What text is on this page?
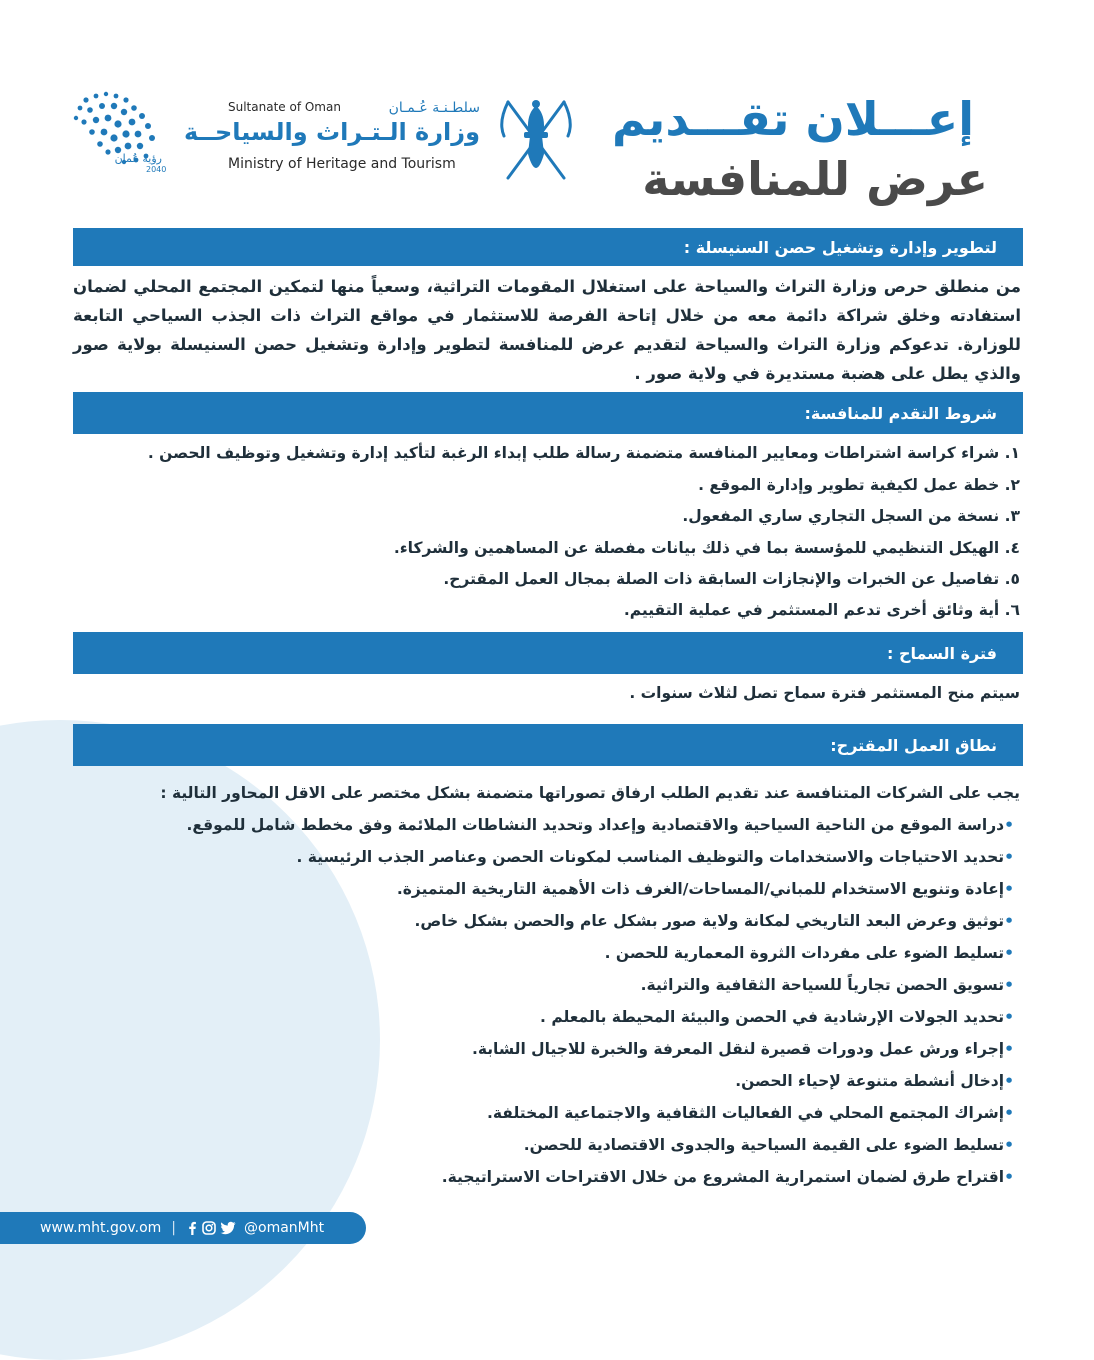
إعـــلان تقـــديم
عرض للمنافسة
Sultanate of Oman	سلطـنـة عُـمـان
وزارة الـتـراث والسياحــة
Ministry of Heritage and Tourism
رؤية عُمان
2040
لتطوير وإدارة وتشغيل حصن السنيسلة :
من منطلق حرص وزارة التراث والسياحة على استغلال المقومات التراثية، وسعياً منها لتمكين المجتمع المحلي لضمان استفادته وخلق شراكة دائمة معه من خلال إتاحة الفرصة للاستثمار في مواقع التراث ذات الجذب السياحي التابعة للوزارة. تدعوكم وزارة التراث والسياحة لتقديم عرض للمنافسة لتطوير وإدارة وتشغيل حصن السنيسلة بولاية صور والذي يطل على هضبة مستديرة في ولاية صور .
شروط التقدم للمنافسة:
١. شراء كراسة اشتراطات ومعايير المنافسة متضمنة رسالة طلب إبداء الرغبة لتأكيد إدارة وتشغيل وتوظيف الحصن .
٢. خطة عمل لكيفية تطوير وإدارة الموقع .
٣. نسخة من السجل التجاري ساري المفعول.
٤. الهيكل التنظيمي للمؤسسة بما في ذلك بيانات مفصلة عن المساهمين والشركاء.
٥. تفاصيل عن الخبرات والإنجازات السابقة ذات الصلة بمجال العمل المقترح.
٦. أية وثائق أخرى تدعم المستثمر في عملية التقييم.
فترة السماح :
سيتم منح المستثمر فترة سماح تصل لثلاث سنوات .
نطاق العمل المقترح:
يجب على الشركات المتنافسة عند تقديم الطلب ارفاق تصوراتها متضمنة بشكل مختصر على الاقل المحاور التالية :
•دراسة الموقع من الناحية السياحية والاقتصادية وإعداد وتحديد النشاطات الملائمة وفق مخطط شامل للموقع.
•تحديد الاحتياجات والاستخدامات والتوظيف المناسب لمكونات الحصن وعناصر الجذب الرئيسية .
•إعادة وتنويع الاستخدام للمباني/المساحات/الغرف ذات الأهمية التاريخية المتميزة.
•توثيق وعرض البعد التاريخي لمكانة ولاية صور بشكل عام والحصن بشكل خاص.
•تسليط الضوء على مفردات الثروة المعمارية للحصن .
•تسويق الحصن تجارياً للسياحة الثقافية والتراثية.
•تحديد الجولات الإرشادية في الحصن والبيئة المحيطة بالمعلم .
•إجراء ورش عمل ودورات قصيرة لنقل المعرفة والخبرة للاجيال الشابة.
•إدخال أنشطة متنوعة لإحياء الحصن.
•إشراك المجتمع المحلي في الفعاليات الثقافية والاجتماعية المختلفة.
•تسليط الضوء على القيمة السياحية والجدوى الاقتصادية للحصن.
•اقتراح طرق لضمان استمرارية المشروع من خلال الاقتراحات الاستراتيجية.
www.mht.gov.om |	@omanMht
